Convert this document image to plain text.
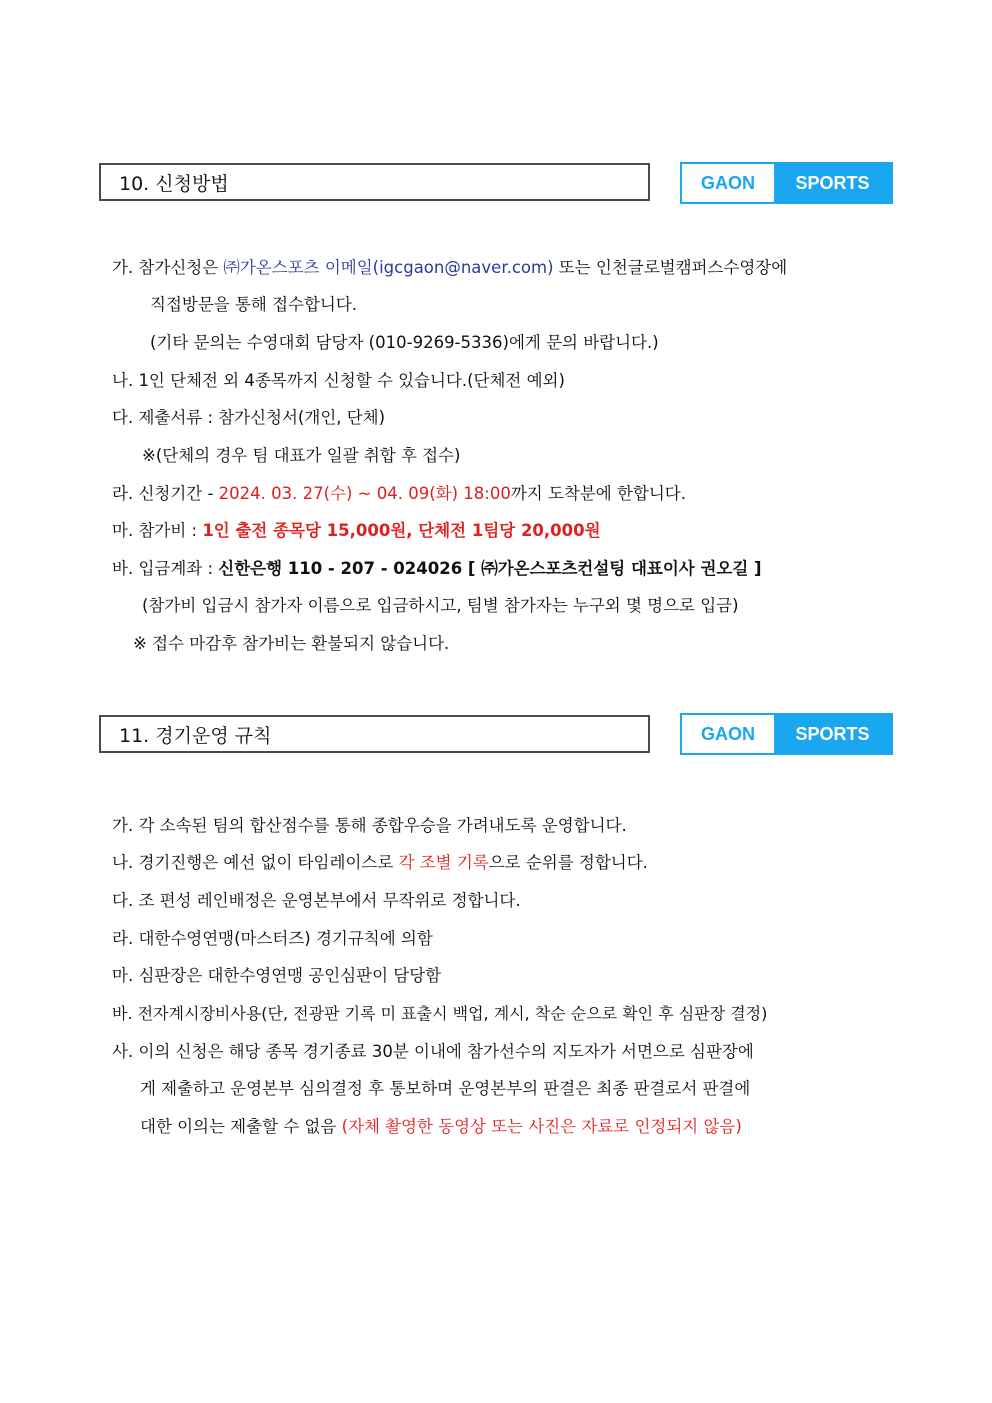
10. 신청방법	GAON	SPORTS
가. 참가신청은 ㈜가온스포츠 이메일(igcgaon@naver.com) 또는 인천글로벌캠퍼스수영장에
직접방문을 통해 접수합니다.
(기타 문의는 수영대회 담당자 (010-9269-5336)에게 문의 바랍니다.)
나. 1인 단체전 외 4종목까지 신청할 수 있습니다.(단체전 예외)
다. 제출서류 : 참가신청서(개인, 단체)
※(단체의 경우 팀 대표가 일괄 취합 후 접수)
라. 신청기간 - 2024. 03. 27(수) ~ 04. 09(화) 18:00까지 도착분에 한합니다.
마. 참가비 : 1인 출전 종목당 15,000원, 단체전 1팀당 20,000원
바. 입금계좌 : 신한은행 110 - 207 - 024026 [ ㈜가온스포츠컨설팅 대표이사 권오길 ]
(참가비 입금시 참가자 이름으로 입금하시고, 팀별 참가자는 누구외 몇 명으로 입금)
※ 접수 마감후 참가비는 환불되지 않습니다.
11. 경기운영 규칙	GAON	SPORTS
가. 각 소속된 팀의 합산점수를 통해 종합우승을 가려내도록 운영합니다.
나. 경기진행은 예선 없이 타임레이스로 각 조별 기록으로 순위를 정합니다.
다. 조 편성 레인배정은 운영본부에서 무작위로 정합니다.
라. 대한수영연맹(마스터즈) 경기규칙에 의함
마. 심판장은 대한수영연맹 공인심판이 담당함
바. 전자계시장비사용(단, 전광판 기록 미 표출시 백업, 계시, 착순 순으로 확인 후 심판장 결정)
사. 이의 신청은 해당 종목 경기종료 30분 이내에 참가선수의 지도자가 서면으로 심판장에
게 제출하고 운영본부 심의결정 후 통보하며 운영본부의 판결은 최종 판결로서 판결에
대한 이의는 제출할 수 없음 (자체 촬영한 동영상 또는 사진은 자료로 인정되지 않음)
